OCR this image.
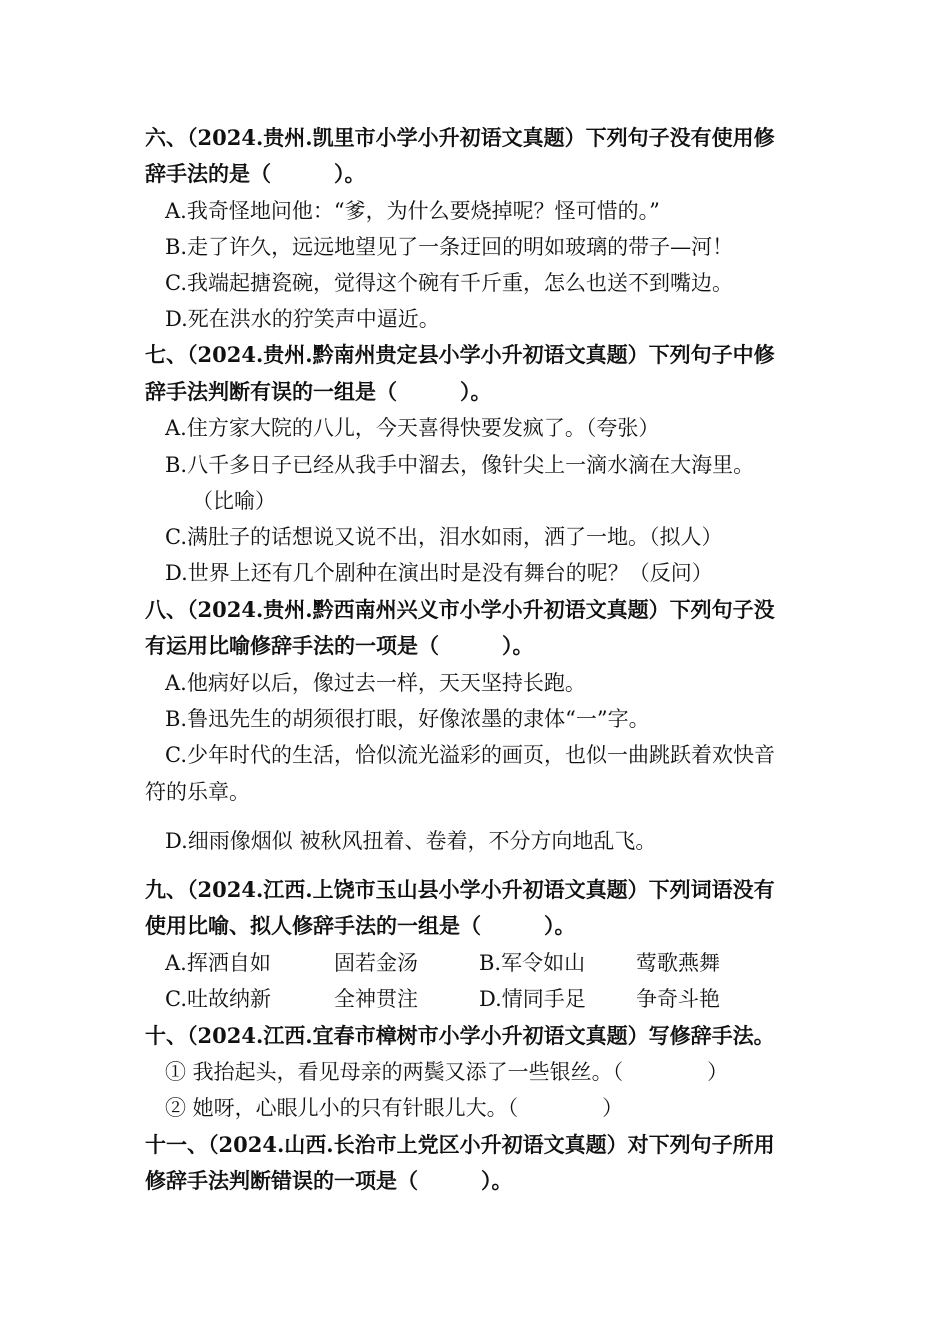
六、（2024.贵州.凯里市小学小升初语文真题）下列句子没有使用修
辞手法的是（　　　）。
A.我奇怪地问他：“爹，为什么要烧掉呢？怪可惜的。”
B.走了许久，远远地望见了一条迂回的明如玻璃的带子—河！
C.我端起搪瓷碗，觉得这个碗有千斤重，怎么也送不到嘴边。
D.死在洪水的狞笑声中逼近。
七、（2024.贵州.黔南州贵定县小学小升初语文真题）下列句子中修
辞手法判断有误的一组是（　　　）。
A.住方家大院的八儿，今天喜得快要发疯了。（夸张）
B.八千多日子已经从我手中溜去，像针尖上一滴水滴在大海里。
（比喻）
C.满肚子的话想说又说不出，泪水如雨，洒了一地。（拟人）
D.世界上还有几个剧种在演出时是没有舞台的呢？（反问）
八、（2024.贵州.黔西南州兴义市小学小升初语文真题）下列句子没
有运用比喻修辞手法的一项是（　　　）。
A.他病好以后，像过去一样，天天坚持长跑。
B.鲁迅先生的胡须很打眼，好像浓墨的隶体“一”字。
C.少年时代的生活，恰似流光溢彩的画页，也似一曲跳跃着欢快音
符的乐章。
D.细雨像烟似 被秋风扭着、卷着，不分方向地乱飞。
九、（2024.江西.上饶市玉山县小学小升初语文真题）下列词语没有
使用比喻、拟人修辞手法的一组是（　　　）。
A.挥洒自如	固若金汤	B.军令如山 莺歌燕舞
C.吐故纳新	全神贯注	D.情同手足 争奇斗艳
十、（2024.江西.宜春市樟树市小学小升初语文真题）写修辞手法。
① 我抬起头，看见母亲的两鬓又添了一些银丝。（　　　　）
② 她呀，心眼儿小的只有针眼儿大。（　　　　）
十一、（2024.山西.长治市上党区小升初语文真题）对下列句子所用
修辞手法判断错误的一项是（　　　）。
